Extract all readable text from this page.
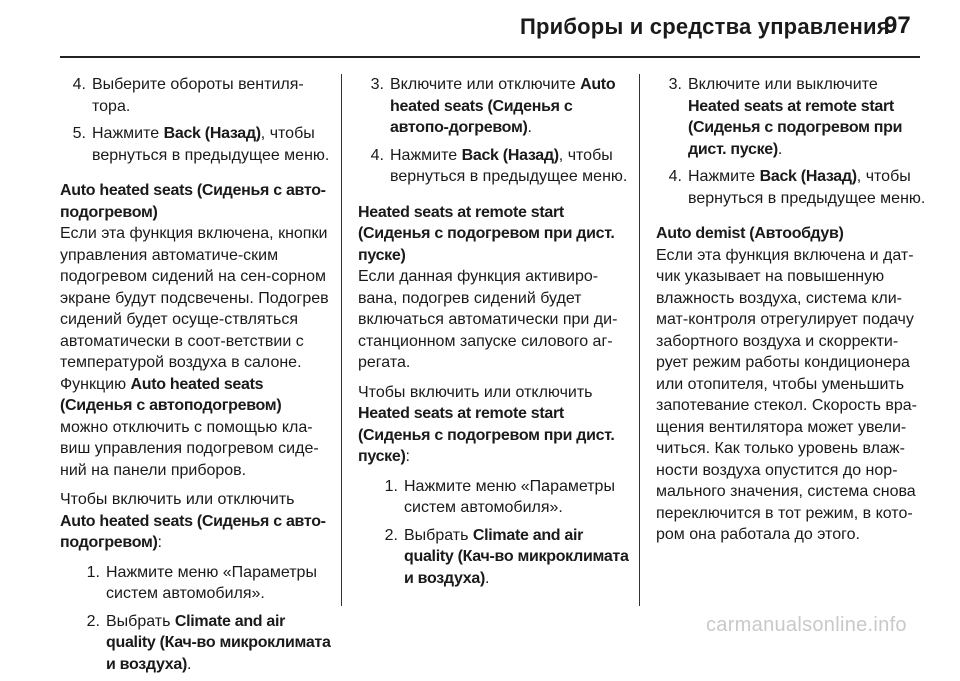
Приборы и средства управления
97
4. Выберите обороты вентиля-тора.
5. Нажмите Back (Назад), чтобы вернуться в предыдущее меню.

Auto heated seats (Сиденья с авто-подогревом)

Если эта функция включена, кнопки управления автоматиче-ским подогревом сидений на сен-сорном экране будут подсвечены. Подогрев сидений будет осуще-ствляться автоматически в соот-ветствии с температурой воздуха в салоне. Функцию Auto heated seats (Сиденья с автоподогревом) можно отключить с помощью кла-виш управления подогревом сиде-ний на панели приборов.

Чтобы включить или отключить Auto heated seats (Сиденья с авто-подогревом):

1. Нажмите меню «Параметры систем автомобиля».
2. Выбрать Climate and air quality (Кач-во микроклимата и воздуха).
3. Включите или отключите Auto heated seats (Сиденья с автопо-догревом).
4. Нажмите Back (Назад), чтобы вернуться в предыдущее меню.

Heated seats at remote start (Сиденья с подогревом при дист. пуске)

Если данная функция активиро-вана, подогрев сидений будет включаться автоматически при ди-станционном запуске силового аг-регата.

Чтобы включить или отключить Heated seats at remote start (Сиденья с подогревом при дист. пуске):

1. Нажмите меню «Параметры систем автомобиля».
2. Выбрать Climate and air quality (Кач-во микроклимата и воздуха).
3. Включите или выключите Heated seats at remote start (Сиденья с подогревом при дист. пуске).
4. Нажмите Back (Назад), чтобы вернуться в предыдущее меню.

Auto demist (Автообдув)

Если эта функция включена и дат-чик указывает на повышенную влажность воздуха, система кли-мат-контроля отрегулирует подачу забортного воздуха и скорректи-рует режим работы кондиционера или отопителя, чтобы уменьшить запотевание стекол. Скорость вра-щения вентилятора может увели-читься. Как только уровень влаж-ности воздуха опустится до нор-мального значения, система снова переключится в тот режим, в кото-ром она работала до этого.

carmanualsonline.info
